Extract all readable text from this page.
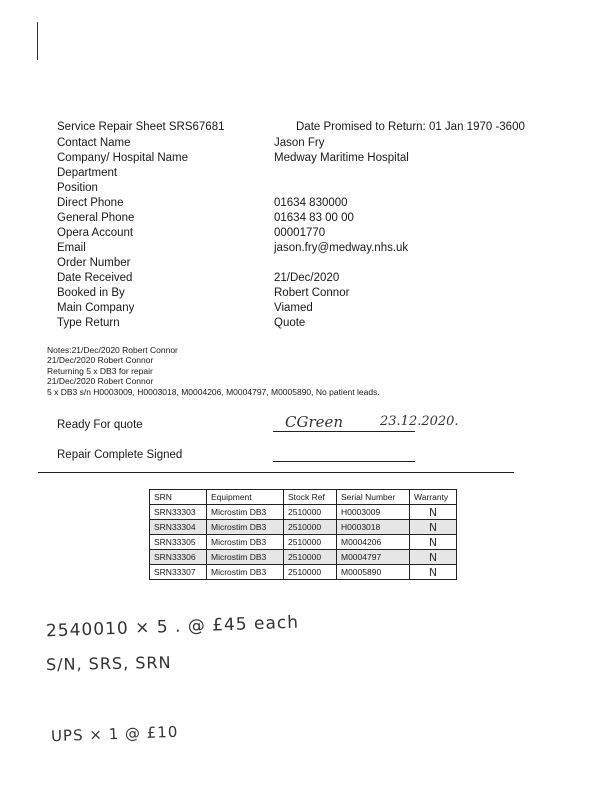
Service Repair Sheet SRS67681	Date Promised to Return: 01 Jan 1970 -3600
Contact Name	Jason Fry
Company/ Hospital Name	Medway Maritime Hospital
Department
Position
Direct Phone	01634 830000
General Phone	01634 83 00 00
Opera Account	00001770
Email	jason.fry@medway.nhs.uk
Order Number
Date Received	21/Dec/2020
Booked in By	Robert Connor
Main Company	Viamed
Type Return	Quote
Notes:21/Dec/2020 Robert Connor
21/Dec/2020 Robert Connor
Returning 5 x DB3 for repair
21/Dec/2020 Robert Connor
5 x DB3 s/n H0003009, H0003018, M0004206, M0004797, M0005890, No patient leads.
Ready For quote	CGreen	23.12.2020.
Repair Complete Signed
SRN	Equipment	Stock Ref	Serial Number	Warranty
SRN33303	Microstim DB3	2510000	H0003009	N
SRN33304	Microstim DB3	2510000	H0003018	N
SRN33305	Microstim DB3	2510000	M0004206	N
SRN33306	Microstim DB3	2510000	M0004797	N
SRN33307	Microstim DB3	2510000	M0005890	N
2540010 × 5 . @ £45 each
S/N, SRS, SRN
UPS × 1 @ £10
